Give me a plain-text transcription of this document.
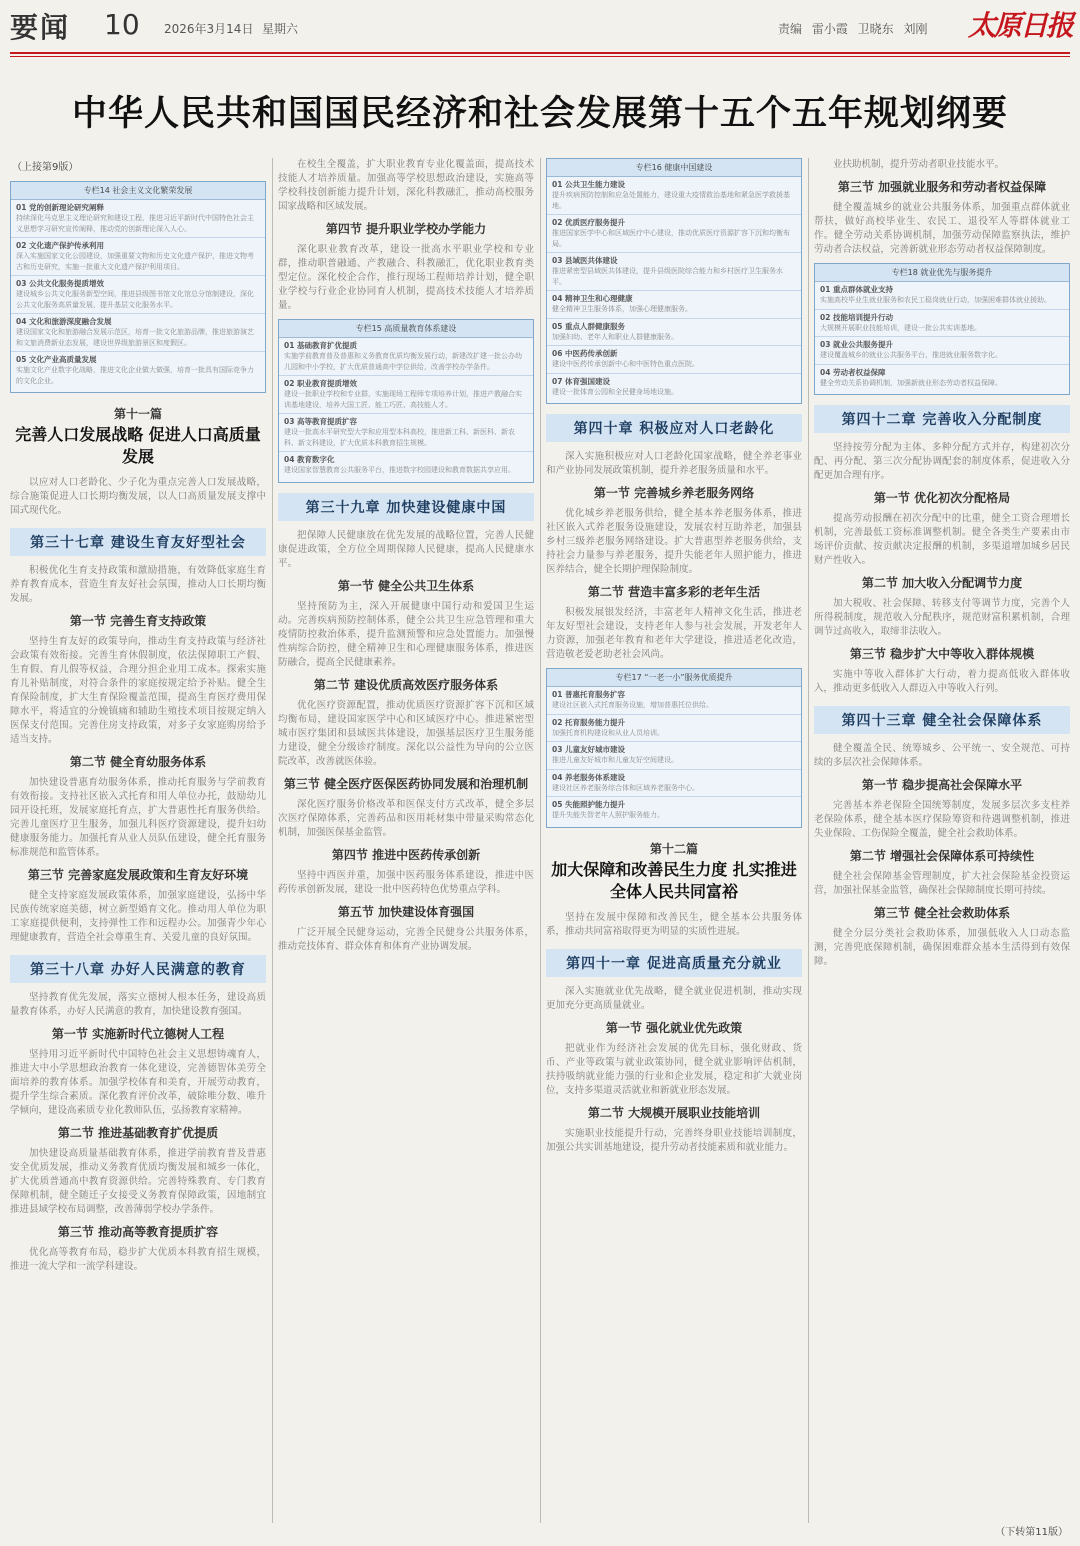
要闻 10 2026年3月14日 星期六	责编 雷小霞 卫晓东 刘刚 太原日报
中华人民共和国国民经济和社会发展第十五个五年规划纲要
（上接第9版）
专栏14 社会主义文化繁荣发展
01 党的创新理论研究阐释
持续深化马克思主义理论研究和建设工程，推进习近平新时代中国特色社会主义思想学习研究宣传阐释，推动党的创新理论深入人心。
02 文化遗产保护传承利用
深入实施国家文化公园建设，加强重要文物和历史文化遗产保护，推进文物考古和历史研究，实施一批重大文化遗产保护利用项目。
03 公共文化服务提质增效
建设城乡公共文化服务新型空间，推进县级图书馆文化馆总分馆制建设，深化公共文化服务高质量发展，提升基层文化服务水平。
04 文化和旅游深度融合发展
建设国家文化和旅游融合发展示范区，培育一批文化旅游品牌，推进旅游演艺和文旅消费新业态发展，建设世界级旅游景区和度假区。
05 文化产业高质量发展
实施文化产业数字化战略，推进文化企业做大做强，培育一批具有国际竞争力的文化企业。
第十一篇
完善人口发展战略 促进人口高质量发展

以应对人口老龄化、少子化为重点完善人口发展战略，综合施策促进人口长期均衡发展，以人口高质量发展支撑中国式现代化。

第三十七章 建设生育友好型社会

积极优化生育支持政策和激励措施，有效降低家庭生育养育教育成本，营造生育友好社会氛围，推动人口长期均衡发展。

第一节 完善生育支持政策

坚持生育友好的政策导向，推动生育支持政策与经济社会政策有效衔接。完善生育休假制度，依法保障职工产假、生育假、育儿假等权益，合理分担企业用工成本。探索实施育儿补贴制度，对符合条件的家庭按规定给予补贴。健全生育保险制度，扩大生育保险覆盖范围，提高生育医疗费用保障水平，将适宜的分娩镇痛和辅助生殖技术项目按规定纳入医保支付范围。完善住房支持政策，对多子女家庭购房给予适当支持。

第二节 健全育幼服务体系

加快建设普惠育幼服务体系，推动托育服务与学前教育有效衔接。支持社区嵌入式托育和用人单位办托，鼓励幼儿园开设托班，发展家庭托育点，扩大普惠性托育服务供给。完善儿童医疗卫生服务，加强儿科医疗资源建设，提升妇幼健康服务能力。加强托育从业人员队伍建设，健全托育服务标准规范和监管体系。

第三节 完善家庭发展政策和生育友好环境

健全支持家庭发展政策体系，加强家庭建设，弘扬中华民族传统家庭美德，树立新型婚育文化。推动用人单位为职工家庭提供便利，支持弹性工作和远程办公。加强青少年心理健康教育，营造全社会尊重生育、关爱儿童的良好氛围。

第三十八章 办好人民满意的教育

坚持教育优先发展，落实立德树人根本任务，建设高质量教育体系，办好人民满意的教育，加快建设教育强国。

第一节 实施新时代立德树人工程

坚持用习近平新时代中国特色社会主义思想铸魂育人，推进大中小学思想政治教育一体化建设，完善德智体美劳全面培养的教育体系。加强学校体育和美育，开展劳动教育，提升学生综合素质。深化教育评价改革，破除唯分数、唯升学倾向，建设高素质专业化教师队伍，弘扬教育家精神。

第二节 推进基础教育扩优提质

加快建设高质量基础教育体系，推进学前教育普及普惠安全优质发展，推动义务教育优质均衡发展和城乡一体化，扩大优质普通高中教育资源供给。完善特殊教育、专门教育保障机制，健全随迁子女接受义务教育保障政策，因地制宜推进县域学校布局调整，改善薄弱学校办学条件。

第三节 推动高等教育提质扩容

优化高等教育布局，稳步扩大优质本科教育招生规模，推进一流大学和一流学科建设。

在校生全覆盖，扩大职业教育专业化覆盖面，提高技术技能人才培养质量。加强高等学校思想政治建设，实施高等学校科技创新能力提升计划，深化科教融汇，推动高校服务国家战略和区域发展。

第四节 提升职业学校办学能力

深化职业教育改革，建设一批高水平职业学校和专业群，推动职普融通、产教融合、科教融汇，优化职业教育类型定位。深化校企合作，推行现场工程师培养计划，健全职业学校与行业企业协同育人机制，提高技术技能人才培养质量。

专栏15 高质量教育体系建设
01 基础教育扩优提质
实施学前教育普及普惠和义务教育优质均衡发展行动，新建改扩建一批公办幼儿园和中小学校，扩大优质普通高中学位供给，改善学校办学条件。
02 职业教育提质增效
建设一批职业学校和专业群，实施现场工程师专项培养计划，推进产教融合实训基地建设，培养大国工匠、能工巧匠、高技能人才。
03 高等教育提质扩容
建设一批高水平研究型大学和应用型本科高校，推进新工科、新医科、新农科、新文科建设，扩大优质本科教育招生规模。
04 教育数字化
建设国家智慧教育公共服务平台，推进数字校园建设和教育数据共享应用。
第三十九章 加快建设健康中国

把保障人民健康放在优先发展的战略位置，完善人民健康促进政策，全方位全周期保障人民健康，提高人民健康水平。

第一节 健全公共卫生体系

坚持预防为主，深入开展健康中国行动和爱国卫生运动。完善疾病预防控制体系，健全公共卫生应急管理和重大疫情防控救治体系，提升监测预警和应急处置能力。加强慢性病综合防控，健全精神卫生和心理健康服务体系，推进医防融合，提高全民健康素养。

第二节 建设优质高效医疗服务体系

优化医疗资源配置，推动优质医疗资源扩容下沉和区域均衡布局，建设国家医学中心和区域医疗中心。推进紧密型城市医疗集团和县域医共体建设，加强基层医疗卫生服务能力建设，健全分级诊疗制度。深化以公益性为导向的公立医院改革，改善就医体验。

第三节 健全医疗医保医药协同发展和治理机制

深化医疗服务价格改革和医保支付方式改革，健全多层次医疗保障体系，完善药品和医用耗材集中带量采购常态化机制，加强医保基金监管。

第四节 推进中医药传承创新

坚持中西医并重，加强中医药服务体系建设，推进中医药传承创新发展，建设一批中医药特色优势重点学科。

第五节 加快建设体育强国

广泛开展全民健身运动，完善全民健身公共服务体系，推动竞技体育、群众体育和体育产业协调发展。

专栏16 健康中国建设
01 公共卫生能力建设
提升疾病预防控制和应急处置能力，建设重大疫情救治基地和紧急医学救援基地。
02 优质医疗服务提升
推进国家医学中心和区域医疗中心建设，推动优质医疗资源扩容下沉和均衡布局。
03 县域医共体建设
推进紧密型县域医共体建设，提升县级医院综合能力和乡村医疗卫生服务水平。
04 精神卫生和心理健康
健全精神卫生服务体系，加强心理健康服务。
05 重点人群健康服务
加强妇幼、老年人和职业人群健康服务。
06 中医药传承创新
建设中医药传承创新中心和中医特色重点医院。
07 体育强国建设
建设一批体育公园和全民健身场地设施。
第四十章 积极应对人口老龄化

深入实施积极应对人口老龄化国家战略，健全养老事业和产业协同发展政策机制，提升养老服务质量和水平。

第一节 完善城乡养老服务网络

优化城乡养老服务供给，健全基本养老服务体系，推进社区嵌入式养老服务设施建设，发展农村互助养老，加强县乡村三级养老服务网络建设。扩大普惠型养老服务供给，支持社会力量参与养老服务，提升失能老年人照护能力，推进医养结合，健全长期护理保险制度。

第二节 营造丰富多彩的老年生活

积极发展银发经济，丰富老年人精神文化生活，推进老年友好型社会建设，支持老年人参与社会发展，开发老年人力资源，加强老年教育和老年大学建设，推进适老化改造，营造敬老爱老助老社会风尚。

专栏17 “一老一小”服务优质提升
01 普惠托育服务扩容
建设社区嵌入式托育服务设施，增加普惠托位供给。
02 托育服务能力提升
加强托育机构建设和从业人员培训。
03 儿童友好城市建设
推进儿童友好城市和儿童友好空间建设。
04 养老服务体系建设
建设社区养老服务综合体和区域养老服务中心。
05 失能照护能力提升
提升失能失智老年人照护服务能力。
第十二篇
加大保障和改善民生力度 扎实推进全体人民共同富裕

坚持在发展中保障和改善民生，健全基本公共服务体系，推动共同富裕取得更为明显的实质性进展。

第四十一章 促进高质量充分就业

深入实施就业优先战略，健全就业促进机制，推动实现更加充分更高质量就业。

第一节 强化就业优先政策

把就业作为经济社会发展的优先目标，强化财政、货币、产业等政策与就业政策协同，健全就业影响评估机制，扶持吸纳就业能力强的行业和企业发展，稳定和扩大就业岗位，支持多渠道灵活就业和新就业形态发展。

第二节 大规模开展职业技能培训

实施职业技能提升行动，完善终身职业技能培训制度，加强公共实训基地建设，提升劳动者技能素质和就业能力。

业扶助机制，提升劳动者职业技能水平。

第三节 加强就业服务和劳动者权益保障

健全覆盖城乡的就业公共服务体系，加强重点群体就业帮扶，做好高校毕业生、农民工、退役军人等群体就业工作。健全劳动关系协调机制，加强劳动保障监察执法，维护劳动者合法权益，完善新就业形态劳动者权益保障制度。

专栏18 就业优先与服务提升
01 重点群体就业支持
实施高校毕业生就业服务和农民工稳岗就业行动，加强困难群体就业援助。
02 技能培训提升行动
大规模开展职业技能培训，建设一批公共实训基地。
03 就业公共服务提升
建设覆盖城乡的就业公共服务平台，推进就业服务数字化。
04 劳动者权益保障
健全劳动关系协调机制，加强新就业形态劳动者权益保障。
第四十二章 完善收入分配制度

坚持按劳分配为主体、多种分配方式并存，构建初次分配、再分配、第三次分配协调配套的制度体系，促进收入分配更加合理有序。

第一节 优化初次分配格局

提高劳动报酬在初次分配中的比重，健全工资合理增长机制，完善最低工资标准调整机制。健全各类生产要素由市场评价贡献、按贡献决定报酬的机制，多渠道增加城乡居民财产性收入。

第二节 加大收入分配调节力度

加大税收、社会保障、转移支付等调节力度，完善个人所得税制度，规范收入分配秩序，规范财富积累机制，合理调节过高收入，取缔非法收入。

第三节 稳步扩大中等收入群体规模

实施中等收入群体扩大行动，着力提高低收入群体收入，推动更多低收入人群迈入中等收入行列。

第四十三章 健全社会保障体系

健全覆盖全民、统筹城乡、公平统一、安全规范、可持续的多层次社会保障体系。

第一节 稳步提高社会保障水平

完善基本养老保险全国统筹制度，发展多层次多支柱养老保险体系，健全基本医疗保险筹资和待遇调整机制，推进失业保险、工伤保险全覆盖，健全社会救助体系。

第二节 增强社会保障体系可持续性

健全社会保障基金管理制度，扩大社会保险基金投资运营，加强社保基金监管，确保社会保障制度长期可持续。

第三节 健全社会救助体系

健全分层分类社会救助体系，加强低收入人口动态监测，完善兜底保障机制，确保困难群众基本生活得到有效保障。

（下转第11版）
